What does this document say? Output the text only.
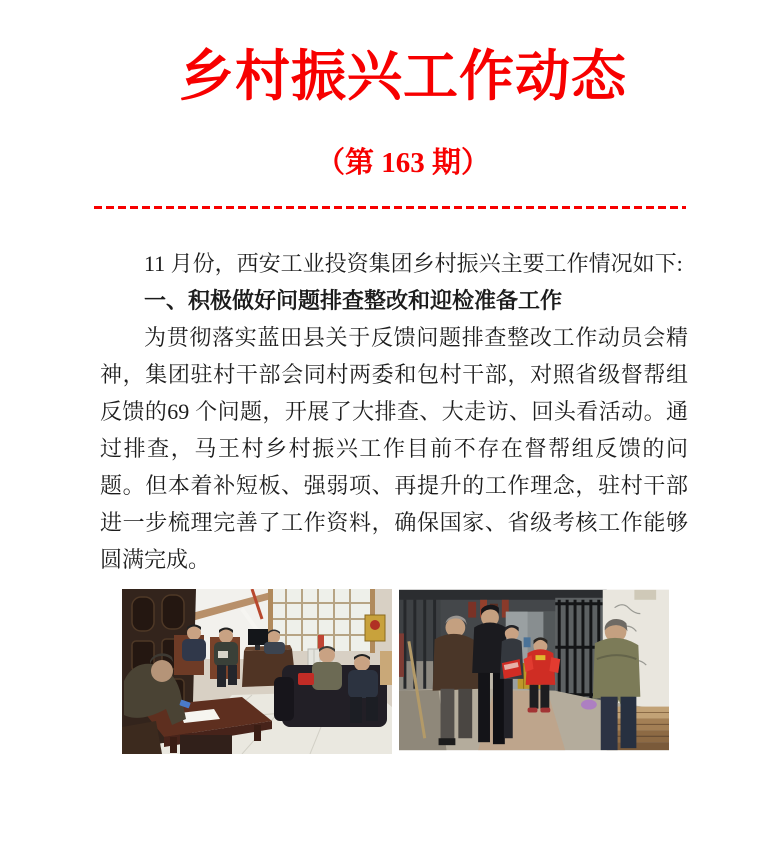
乡村振兴工作动态
（第 163 期）
11 月份，西安工业投资集团乡村振兴主要工作情况如下:
一、积极做好问题排查整改和迎检准备工作
为贯彻落实蓝田县关于反馈问题排查整改工作动员会精神，集团驻村干部会同村两委和包村干部，对照省级督帮组反馈的69 个问题，开展了大排查、大走访、回头看活动。通过排查，马王村乡村振兴工作目前不存在督帮组反馈的问题。但本着补短板、强弱项、再提升的工作理念，驻村干部进一步梳理完善了工作资料，确保国家、省级考核工作能够圆满完成。
